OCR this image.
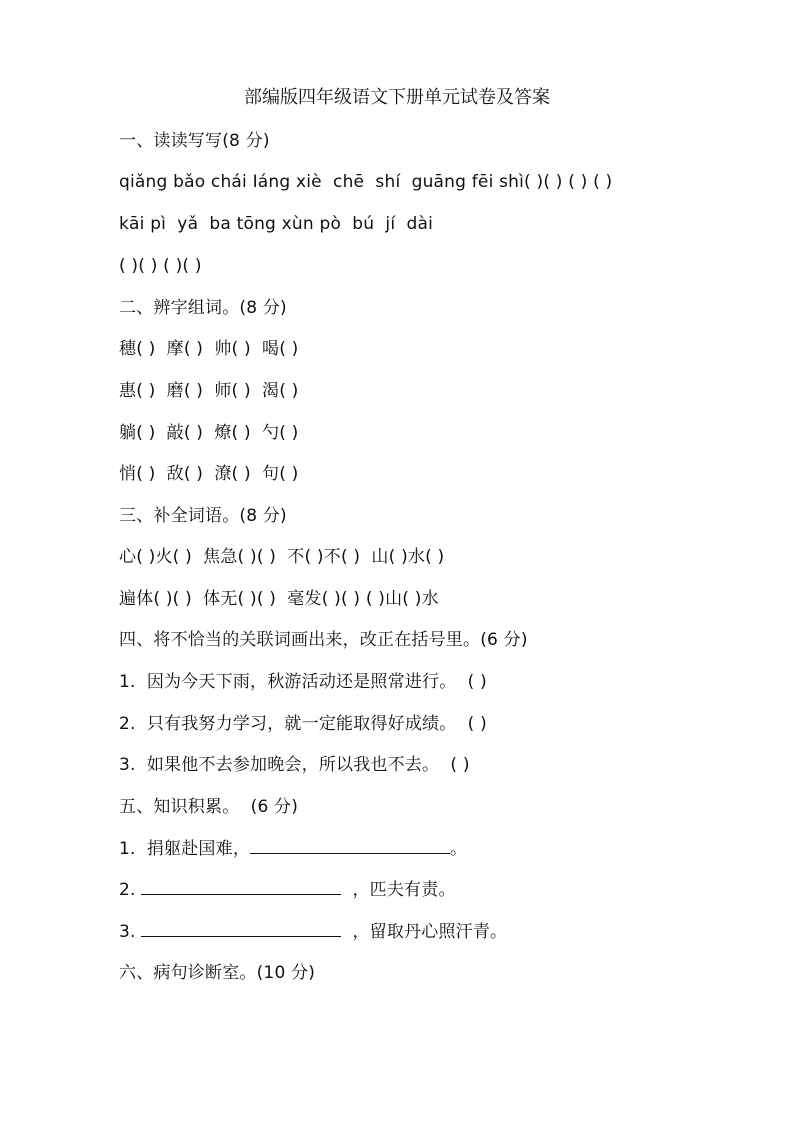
部编版四年级语文下册单元试卷及答案
一、读读写写(8 分)
qiǎng bǎo chái Iáng xiè  chē  shí  guāng fēi shì( )( ) ( ) ( )
kāi pì  yǎ  ba tōng xùn pò  bú  jí  dài
( )( ) ( )( )
二、辨字组词。(8 分)
穗( )  摩( )  帅( )  喝( )
惠( )  磨( )  师( )  渴( )
躺( )  敲( )  燎( )  勺( )
悄( )  敌( )  潦( )  句( )
三、补全词语。(8 分)
心( )火( )  焦急( )( )  不( )不( )  山( )水( )
遍体( )( )  体无( )( )  毫发( )( ) ( )山( )水
四、将不恰当的关联词画出来，改正在括号里。(6 分)
1.  因为今天下雨，秋游活动还是照常进行。  ( )
2.  只有我努力学习，就一定能取得好成绩。  ( )
3.  如果他不去参加晚会，所以我也不去。  ( )
五、知识积累。  (6 分)
1.  捐躯赴国难，	。
2.	，匹夫有责。
3.	，留取丹心照汗青。
六、病句诊断室。(10 分)
